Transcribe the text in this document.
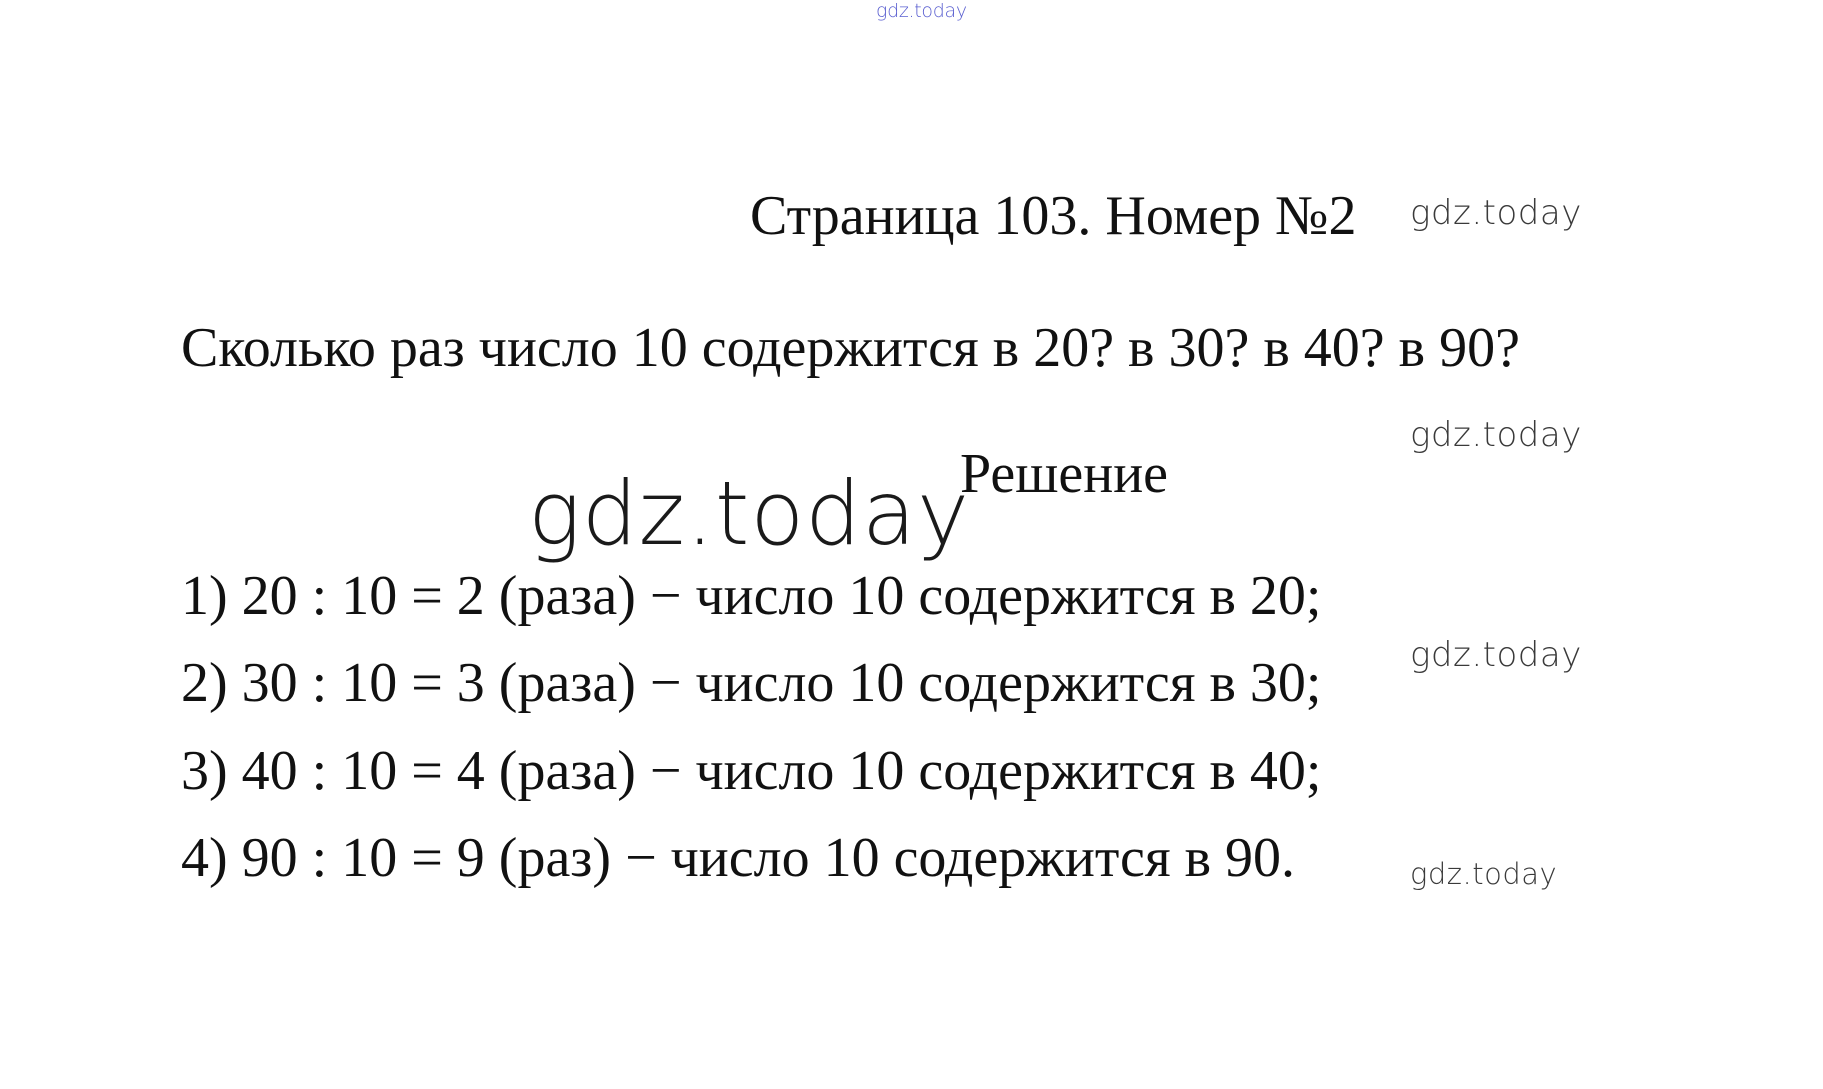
gdz.today
Страница 103. Номер №2 gdz.today
Сколько раз число 10 содержится в 20? в 30? в 40? в 90?
gdz.today
Решение
gdz.today
1) 20 : 10 = 2 (раза) − число 10 содержится в 20;
gdz.today
2) 30 : 10 = 3 (раза) − число 10 содержится в 30;
3) 40 : 10 = 4 (раза) − число 10 содержится в 40;
4) 90 : 10 = 9 (раз) − число 10 содержится в 90.	gdz.today
